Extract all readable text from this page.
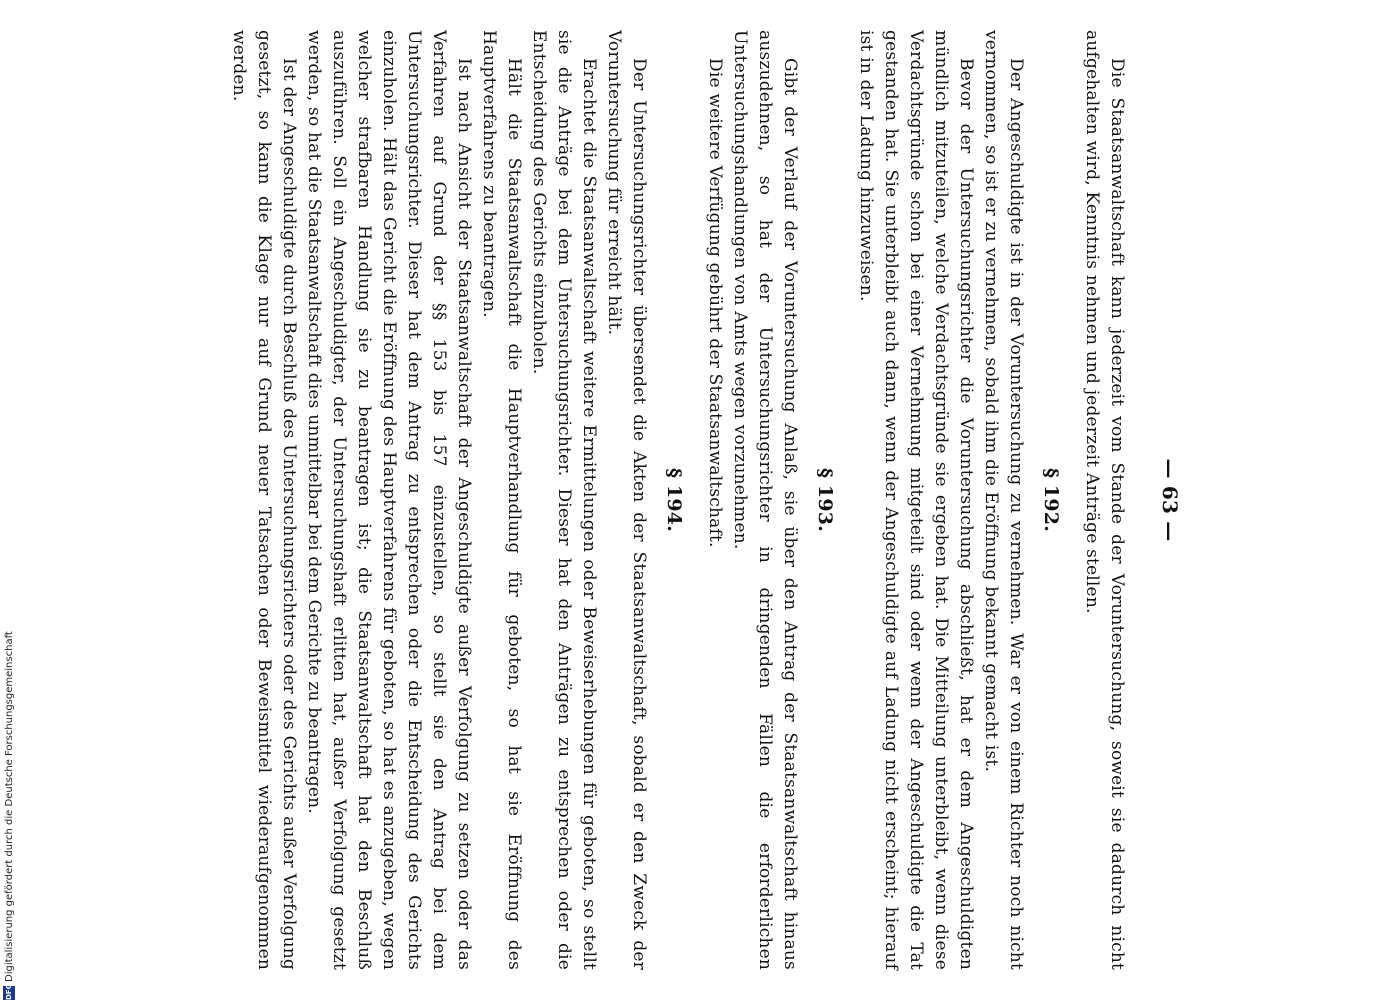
— 63 —

Die Staatsanwaltschaft kann jederzeit vom Stande der Voruntersuchung, soweit sie dadurch nicht aufgehalten wird, Kenntnis nehmen und jederzeit Anträge stellen.

§ 192.

Der Angeschuldigte ist in der Voruntersuchung zu vernehmen. War er von einem Richter noch nicht vernommen, so ist er zu vernehmen, sobald ihm die Eröffnung bekannt gemacht ist.

Bevor der Untersuchungsrichter die Voruntersuchung abschließt, hat er dem Angeschuldigten mündlich mitzuteilen, welche Verdachtsgründe sie ergeben hat. Die Mitteilung unterbleibt, wenn diese Verdachtsgründe schon bei einer Vernehmung mitgeteilt sind oder wenn der Angeschuldigte die Tat gestanden hat. Sie unterbleibt auch dann, wenn der Angeschuldigte auf Ladung nicht erscheint; hierauf ist in der Ladung hinzuweisen.

§ 193.

Gibt der Verlauf der Voruntersuchung Anlaß, sie über den Antrag der Staatsanwaltschaft hinaus auszudehnen, so hat der Untersuchungsrichter in dringenden Fällen die erforderlichen Untersuchungshandlungen von Amts wegen vorzunehmen.

Die weitere Verfügung gebührt der Staatsanwaltschaft.

§ 194.

Der Untersuchungsrichter übersendet die Akten der Staatsanwaltschaft, sobald er den Zweck der Voruntersuchung für erreicht hält.

Erachtet die Staatsanwaltschaft weitere Ermittelungen oder Beweiserhebungen für geboten, so stellt sie die Anträge bei dem Untersuchungsrichter. Dieser hat den Anträgen zu entsprechen oder die Entscheidung des Gerichts einzuholen.

Hält die Staatsanwaltschaft die Hauptverhandlung für geboten, so hat sie Eröffnung des Hauptverfahrens zu beantragen.

Ist nach Ansicht der Staatsanwaltschaft der Angeschuldigte außer Verfolgung zu setzen oder das Verfahren auf Grund der §§ 153 bis 157 einzustellen, so stellt sie den Antrag bei dem Untersuchungsrichter. Dieser hat dem Antrag zu entsprechen oder die Entscheidung des Gerichts einzuholen. Hält das Gericht die Eröffnung des Hauptverfahrens für geboten, so hat es anzugeben, wegen welcher strafbaren Handlung sie zu beantragen ist; die Staatsanwaltschaft hat den Beschluß auszuführen. Soll ein Angeschuldigter, der Untersuchungshaft erlitten hat, außer Verfolgung gesetzt werden, so hat die Staatsanwaltschaft dies unmittelbar bei dem Gerichte zu beantragen.

Ist der Angeschuldigte durch Beschluß des Untersuchungsrichters oder des Gerichts außer Verfolgung gesetzt, so kann die Klage nur auf Grund neuer Tatsachen oder Beweismittel wiederaufgenommen werden.

DFG
Digitalisierung gefördert durch die Deutsche Forschungsgemeinschaft
